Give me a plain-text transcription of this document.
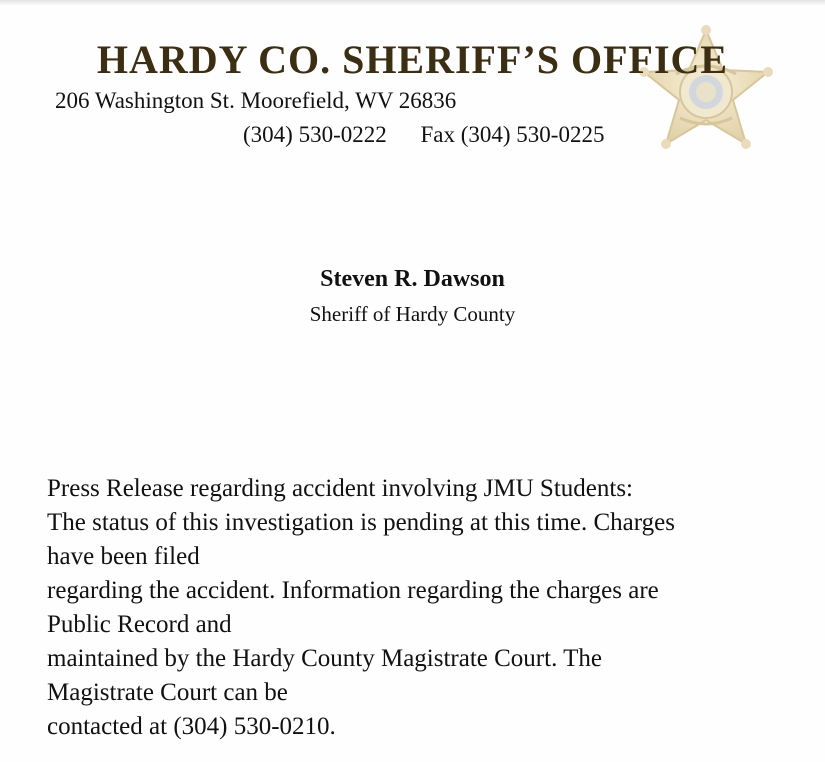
HARDY CO. SHERIFF’S OFFICE
206 Washington St. Moorefield, WV 26836
(304) 530-0222 Fax (304) 530-0225
Steven R. Dawson
Sheriff of Hardy County
Press Release regarding accident involving JMU Students:
The status of this investigation is pending at this time. Charges
have been filed
regarding the accident. Information regarding the charges are
Public Record and
maintained by the Hardy County Magistrate Court. The
Magistrate Court can be
contacted at (304) 530-0210.
